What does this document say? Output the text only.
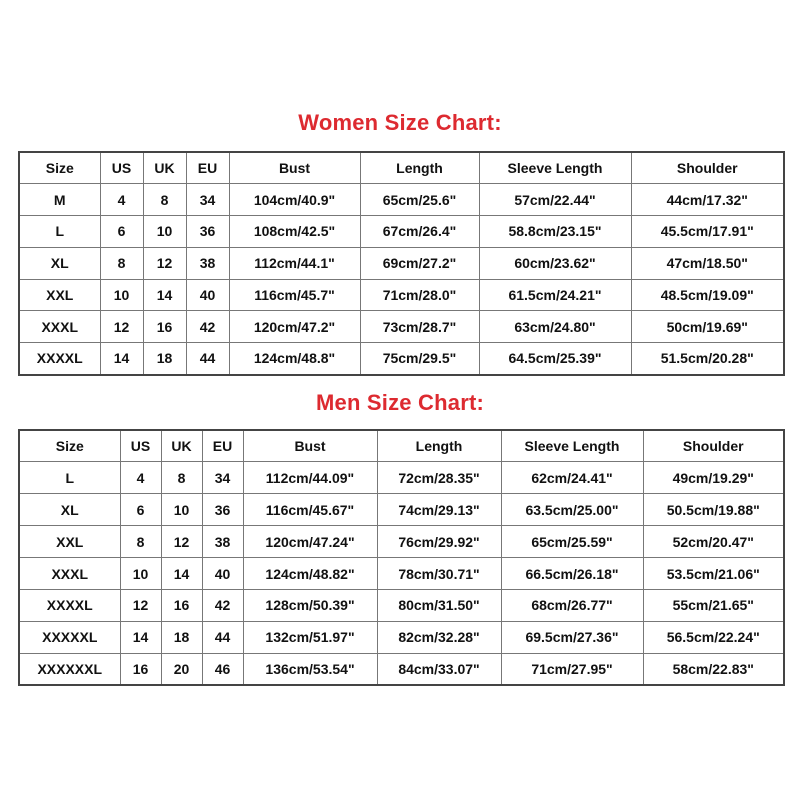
Women Size Chart:
Size	US	UK	EU	Bust	Length	Sleeve Length	Shoulder
M	4	8	34	104cm/40.9"	65cm/25.6"	57cm/22.44"	44cm/17.32"
L	6	10	36	108cm/42.5"	67cm/26.4"	58.8cm/23.15"	45.5cm/17.91"
XL	8	12	38	112cm/44.1"	69cm/27.2"	60cm/23.62"	47cm/18.50"
XXL	10	14	40	116cm/45.7"	71cm/28.0"	61.5cm/24.21"	48.5cm/19.09"
XXXL	12	16	42	120cm/47.2"	73cm/28.7"	63cm/24.80"	50cm/19.69"
XXXXL	14	18	44	124cm/48.8"	75cm/29.5"	64.5cm/25.39"	51.5cm/20.28"
Men Size Chart:
Size	US	UK	EU	Bust	Length	Sleeve Length	Shoulder
L	4	8	34	112cm/44.09"	72cm/28.35"	62cm/24.41"	49cm/19.29"
XL	6	10	36	116cm/45.67"	74cm/29.13"	63.5cm/25.00"	50.5cm/19.88"
XXL	8	12	38	120cm/47.24"	76cm/29.92"	65cm/25.59"	52cm/20.47"
XXXL	10	14	40	124cm/48.82"	78cm/30.71"	66.5cm/26.18"	53.5cm/21.06"
XXXXL	12	16	42	128cm/50.39"	80cm/31.50"	68cm/26.77"	55cm/21.65"
XXXXXL	14	18	44	132cm/51.97"	82cm/32.28"	69.5cm/27.36"	56.5cm/22.24"
XXXXXXL	16	20	46	136cm/53.54"	84cm/33.07"	71cm/27.95"	58cm/22.83"
